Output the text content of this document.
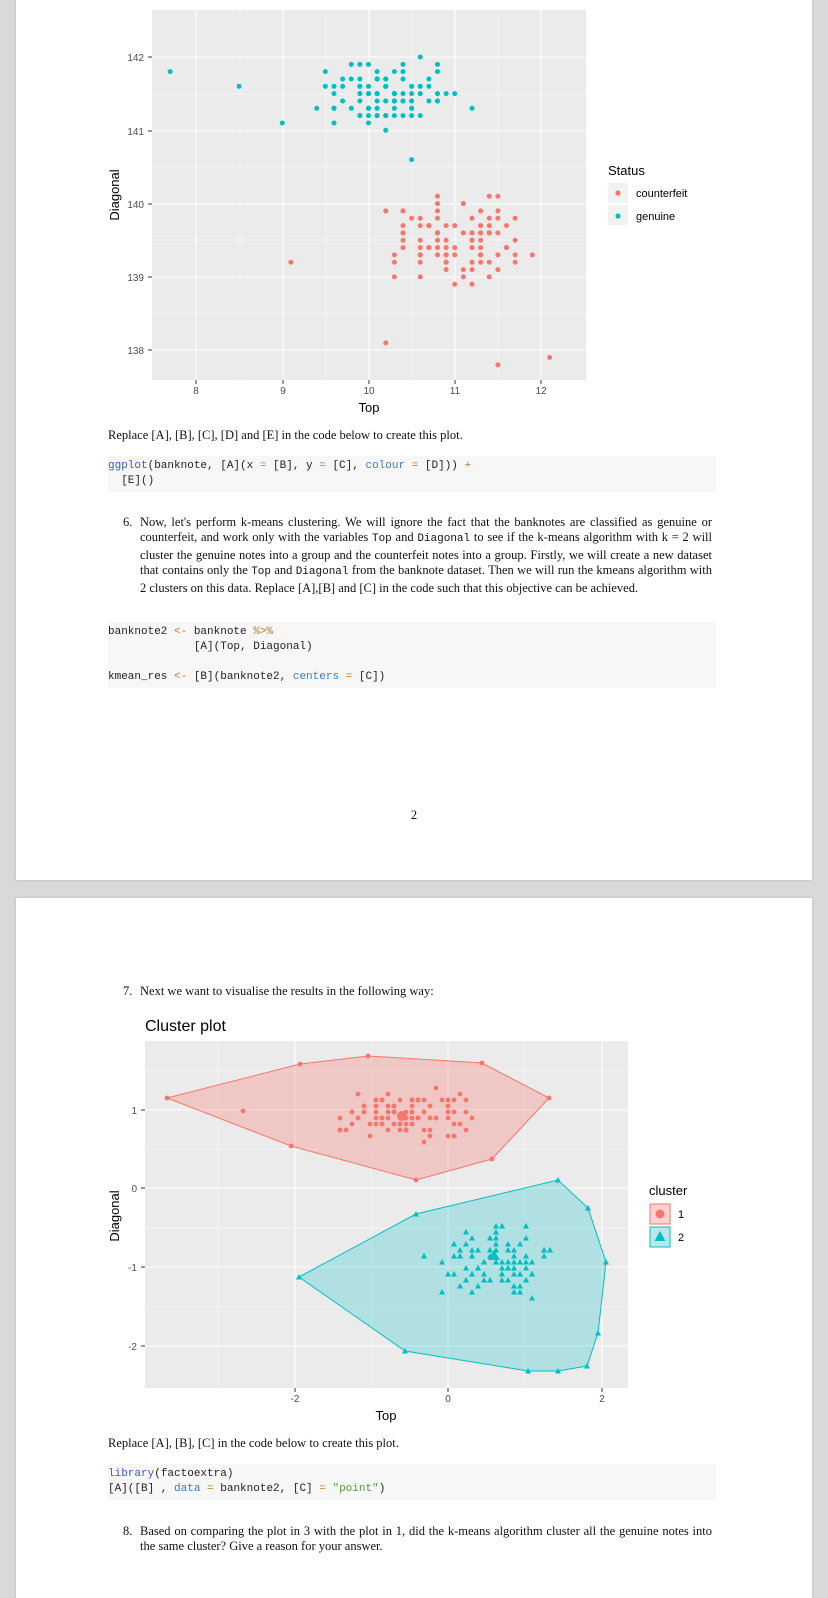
142
141
140
139
138
8	9	10	11	12
Top
Diagonal	Status
counterfeit
genuine
Replace [A], [B], [C], [D] and [E] in the code below to create this plot.
ggplot(banknote, [A](x = [B], y = [C], colour = [D])) +
[E]()
6. Now, let's perform k-means clustering. We will ignore the fact that the banknotes are classified as genuine or counterfeit, and work only with the variables Top and Diagonal to see if the k-means algorithm with k = 2 will cluster the genuine notes into a group and the counterfeit notes into a group. Firstly, we will create a new dataset that contains only the Top and Diagonal from the banknote dataset. Then we will run the kmeans algorithm with 2 clusters on this data. Replace [A],[B] and [C] in the code such that this objective can be achieved.
banknote2 <- banknote %>%
[A](Top, Diagonal)

kmean_res <- [B](banknote2, centers = [C])
2
7. Next we want to visualise the results in the following way:
Cluster plot
1
0
-1
-2
-2	0	2
Top
Diagonal	cluster
1
2
Replace [A], [B], [C] in the code below to create this plot.
library(factoextra)
[A]([B] , data = banknote2, [C] = "point")
8. Based on comparing the plot in 3 with the plot in 1, did the k-means algorithm cluster all the genuine notes into the same cluster? Give a reason for your answer.
